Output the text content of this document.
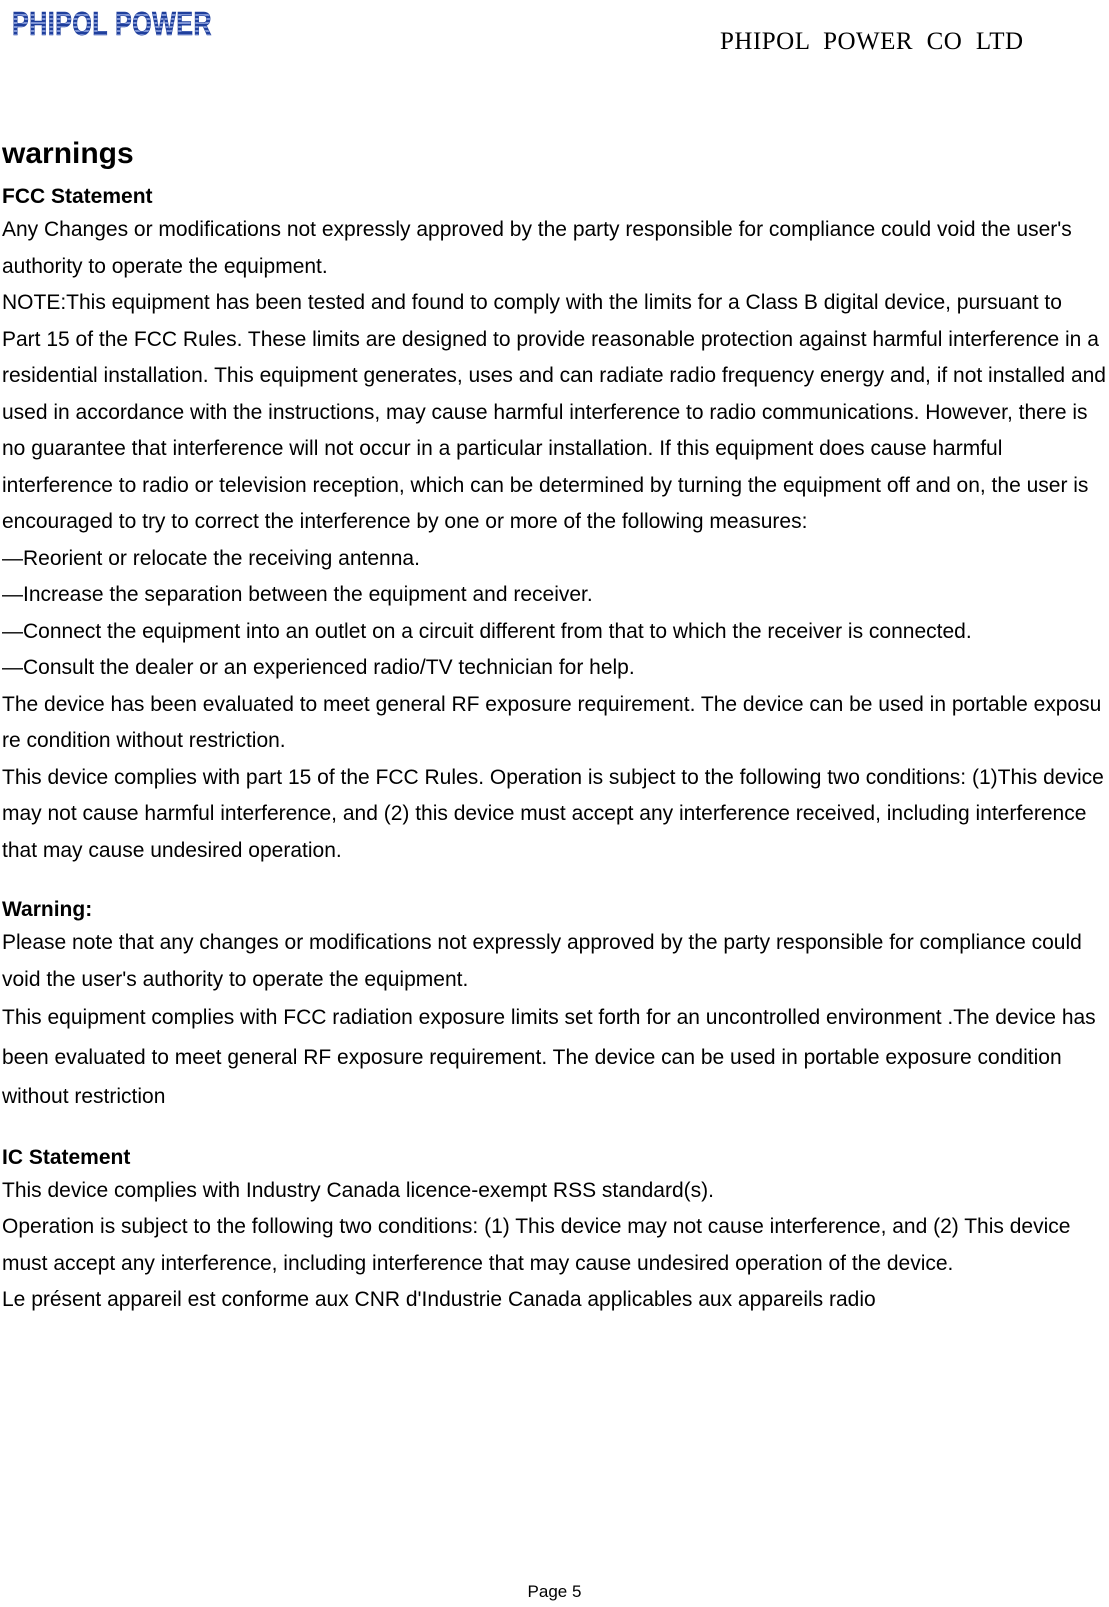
PHIPOL POWER	PHIPOL  POWER  CO  LTD
warnings
FCC Statement

Any Changes or modifications not expressly approved by the party responsible for compliance could void the user's authority to operate the equipment.

NOTE:This equipment has been tested and found to comply with the limits for a Class B digital device, pursuant to Part 15 of the FCC Rules. These limits are designed to provide reasonable protection against harmful interference in a residential installation. This equipment generates, uses and can radiate radio frequency energy and, if not installed and used in accordance with the instructions, may cause harmful interference to radio communications. However, there is no guarantee that interference will not occur in a particular installation. If this equipment does cause harmful interference to radio or television reception, which can be determined by turning the equipment off and on, the user is encouraged to try to correct the interference by one or more of the following measures:

—Reorient or relocate the receiving antenna.

—Increase the separation between the equipment and receiver.

—Connect the equipment into an outlet on a circuit different from that to which the receiver is connected.

—Consult the dealer or an experienced radio/TV technician for help.

The device has been evaluated to meet general RF exposure requirement. The device can be used in portable exposure condition without restriction.

This device complies with part 15 of the FCC Rules. Operation is subject to the following two conditions: (1)This device may not cause harmful interference, and (2) this device must accept any interference received, including interference that may cause undesired operation.

Warning:

Please note that any changes or modifications not expressly approved by the party responsible for compliance could void the user's authority to operate the equipment.

This equipment complies with FCC radiation exposure limits set forth for an uncontrolled environment .The device has been evaluated to meet general RF exposure requirement. The device can be used in portable exposure condition without restriction

IC Statement

This device complies with Industry Canada licence-exempt RSS standard(s).

Operation is subject to the following two conditions: (1) This device may not cause interference, and (2) This device must accept any interference, including interference that may cause undesired operation of the device.

Le présent appareil est conforme aux CNR d'Industrie Canada applicables aux appareils radio

Page 5
